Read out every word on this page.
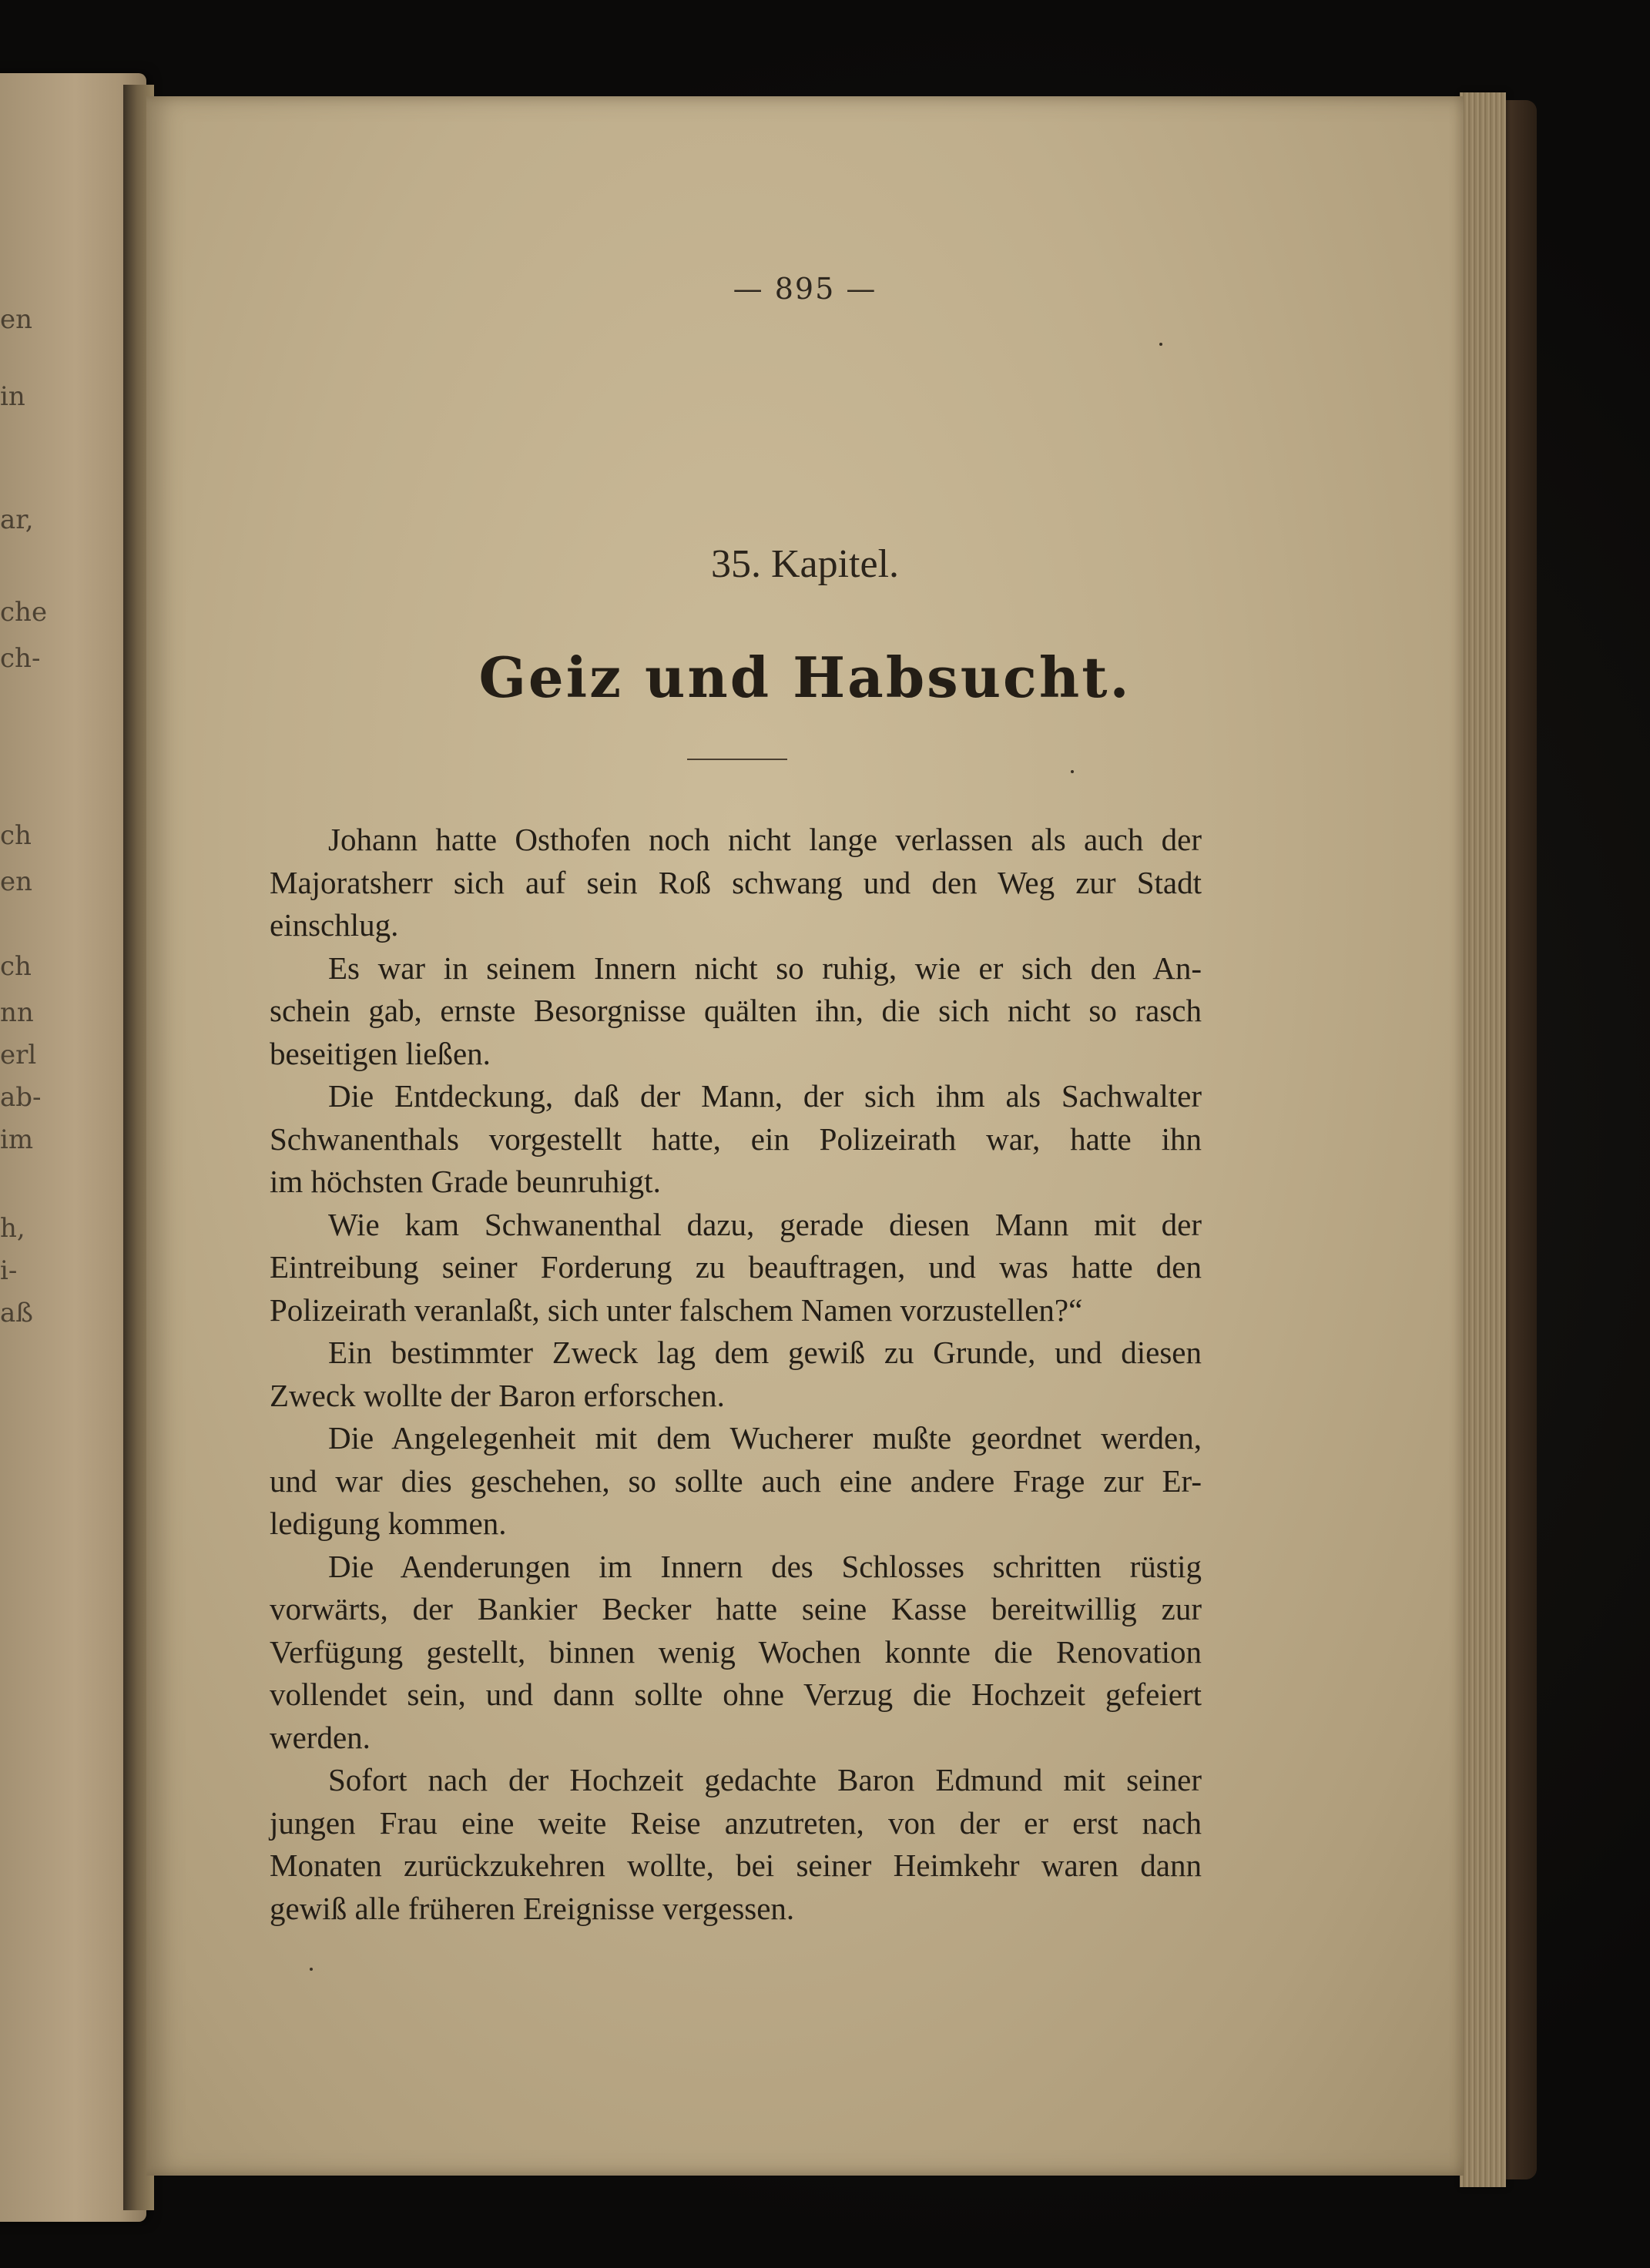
en
in
ar,
che
ch-
ch
en
ch
nn
erl
ab-
im
h,
i-
aß
— 895 —
35. Kapitel.
Geiz und Habsucht.
Johann hatte Osthofen noch nicht lange verlassen als auch der
Majoratsherr sich auf sein Roß schwang und den Weg zur Stadt
einschlug.
Es war in seinem Innern nicht so ruhig, wie er sich den An-
schein gab, ernste Besorgnisse quälten ihn, die sich nicht so rasch
beseitigen ließen.
Die Entdeckung, daß der Mann, der sich ihm als Sachwalter
Schwanenthals vorgestellt hatte, ein Polizeirath war, hatte ihn
im höchsten Grade beunruhigt.
Wie kam Schwanenthal dazu, gerade diesen Mann mit der
Eintreibung seiner Forderung zu beauftragen, und was hatte den
Polizeirath veranlaßt, sich unter falschem Namen vorzustellen?“
Ein bestimmter Zweck lag dem gewiß zu Grunde, und diesen
Zweck wollte der Baron erforschen.
Die Angelegenheit mit dem Wucherer mußte geordnet werden,
und war dies geschehen, so sollte auch eine andere Frage zur Er-
ledigung kommen.
Die Aenderungen im Innern des Schlosses schritten rüstig
vorwärts, der Bankier Becker hatte seine Kasse bereitwillig zur
Verfügung gestellt, binnen wenig Wochen konnte die Renovation
vollendet sein, und dann sollte ohne Verzug die Hochzeit gefeiert
werden.
Sofort nach der Hochzeit gedachte Baron Edmund mit seiner
jungen Frau eine weite Reise anzutreten, von der er erst nach
Monaten zurückzukehren wollte, bei seiner Heimkehr waren dann
gewiß alle früheren Ereignisse vergessen.
